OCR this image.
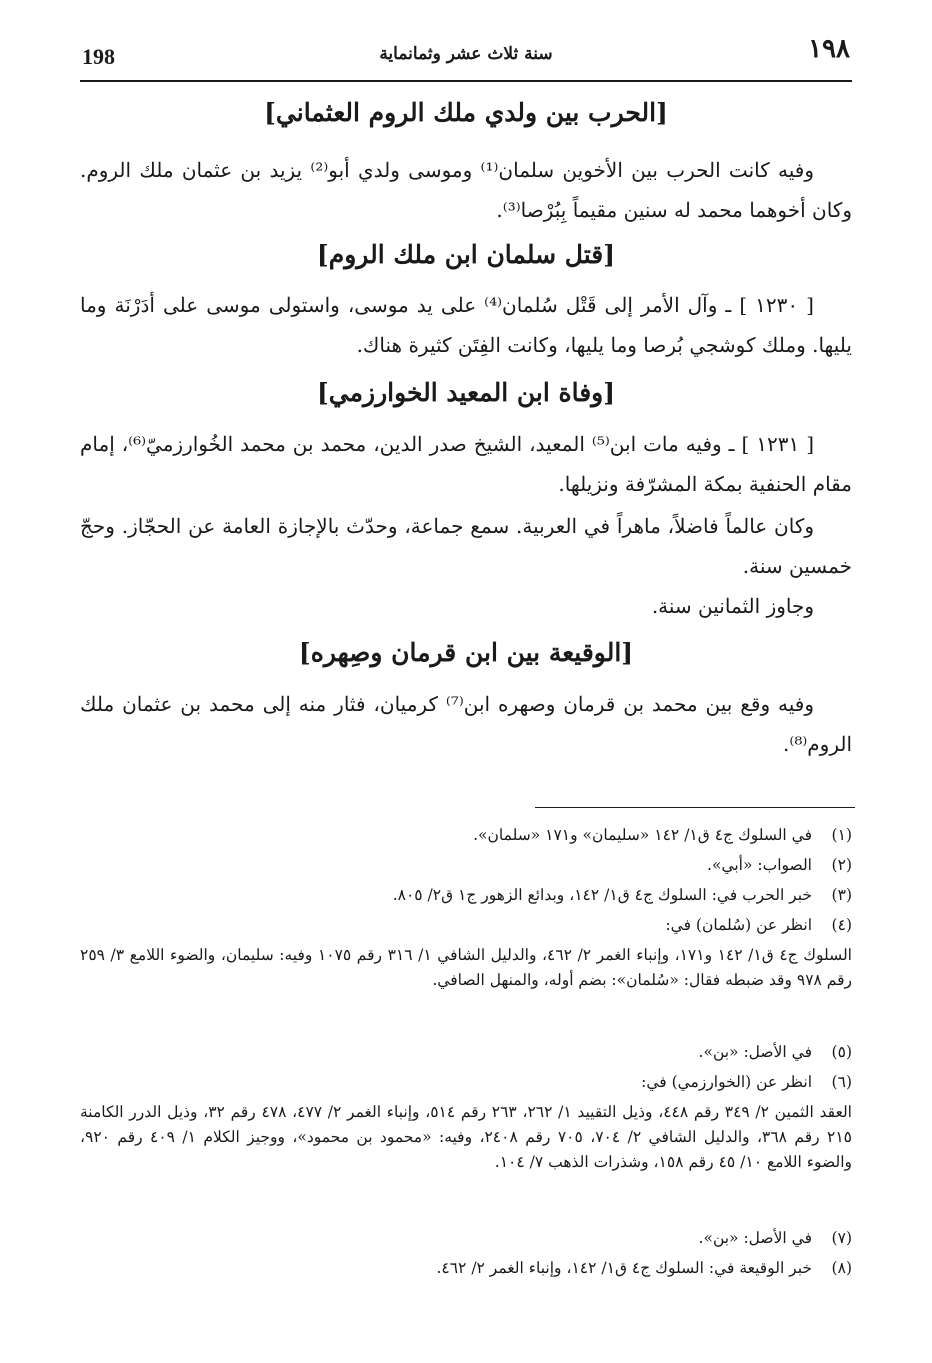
198	سنة ثلاث عشر وثمانماية	١٩٨
[الحرب بين ولدي ملك الروم العثماني]
وفيه كانت الحرب بين الأخوين سلمان⁽¹⁾ وموسى ولدي أبو⁽²⁾ يزيد بن عثمان ملك الروم. وكان أخوهما محمد له سنين مقيماً بِبُرْصا⁽³⁾.
[قتل سلمان ابن ملك الروم]
[ ١٢٣٠ ] ـ وآل الأمر إلى قَتْل سُلمان⁽⁴⁾ على يد موسى، واستولى موسى على أدَرْنَة وما يليها. وملك كوشجي بُرصا وما يليها، وكانت الفِتَن كثيرة هناك.
[وفاة ابن المعيد الخوارزمي]
[ ١٢٣١ ] ـ وفيه مات ابن⁽⁵⁾ المعيد، الشيخ صدر الدين، محمد بن محمد الخُوارزميّ⁽⁶⁾، إمام مقام الحنفية بمكة المشرّفة ونزيلها.
وكان عالماً فاضلاً، ماهراً في العربية. سمع جماعة، وحدّث بالإجازة العامة عن الحجّاز. وحجّ خمسين سنة.
وجاوز الثمانين سنة.
[الوقيعة بين ابن قرمان وصِهره]
وفيه وقع بين محمد بن قرمان وصهره ابن⁽⁷⁾ كرميان، فثار منه إلى محمد بن عثمان ملك الروم⁽⁸⁾.
(١)في السلوك ج٤ ق١/ ١٤٢ «سليمان» و١٧١ «سلمان».
(٢)الصواب: «أبي».
(٣)خبر الحرب في: السلوك ج٤ ق١/ ١٤٢، وبدائع الزهور ج١ ق٢/ ٨٠٥.
(٤)انظر عن (سُلمان) في:
السلوك ج٤ ق١/ ١٤٢ و١٧١، وإنباء الغمر ٢/ ٤٦٢، والدليل الشافي ١/ ٣١٦ رقم ١٠٧٥ وفيه: سليمان، والضوء اللامع ٣/ ٢٥٩ رقم ٩٧٨ وقد ضبطه فقال: «سُلمان»: بضم أوله، والمنهل الصافي.
(٥)في الأصل: «بن».
(٦)انظر عن (الخوارزمي) في:
العقد الثمين ٢/ ٣٤٩ رقم ٤٤٨، وذيل التقييد ١/ ٢٦٢، ٢٦٣ رقم ٥١٤، وإنباء الغمر ٢/ ٤٧٧، ٤٧٨ رقم ٣٢، وذيل الدرر الكامنة ٢١٥ رقم ٣٦٨، والدليل الشافي ٢/ ٧٠٤، ٧٠٥ رقم ٢٤٠٨، وفيه: «محمود بن محمود»، ووجيز الكلام ١/ ٤٠٩ رقم ٩٢٠، والضوء اللامع ١٠/ ٤٥ رقم ١٥٨، وشذرات الذهب ٧/ ١٠٤.
(٧)في الأصل: «بن».
(٨)خبر الوقيعة في: السلوك ج٤ ق١/ ١٤٢، وإنباء الغمر ٢/ ٤٦٢.
